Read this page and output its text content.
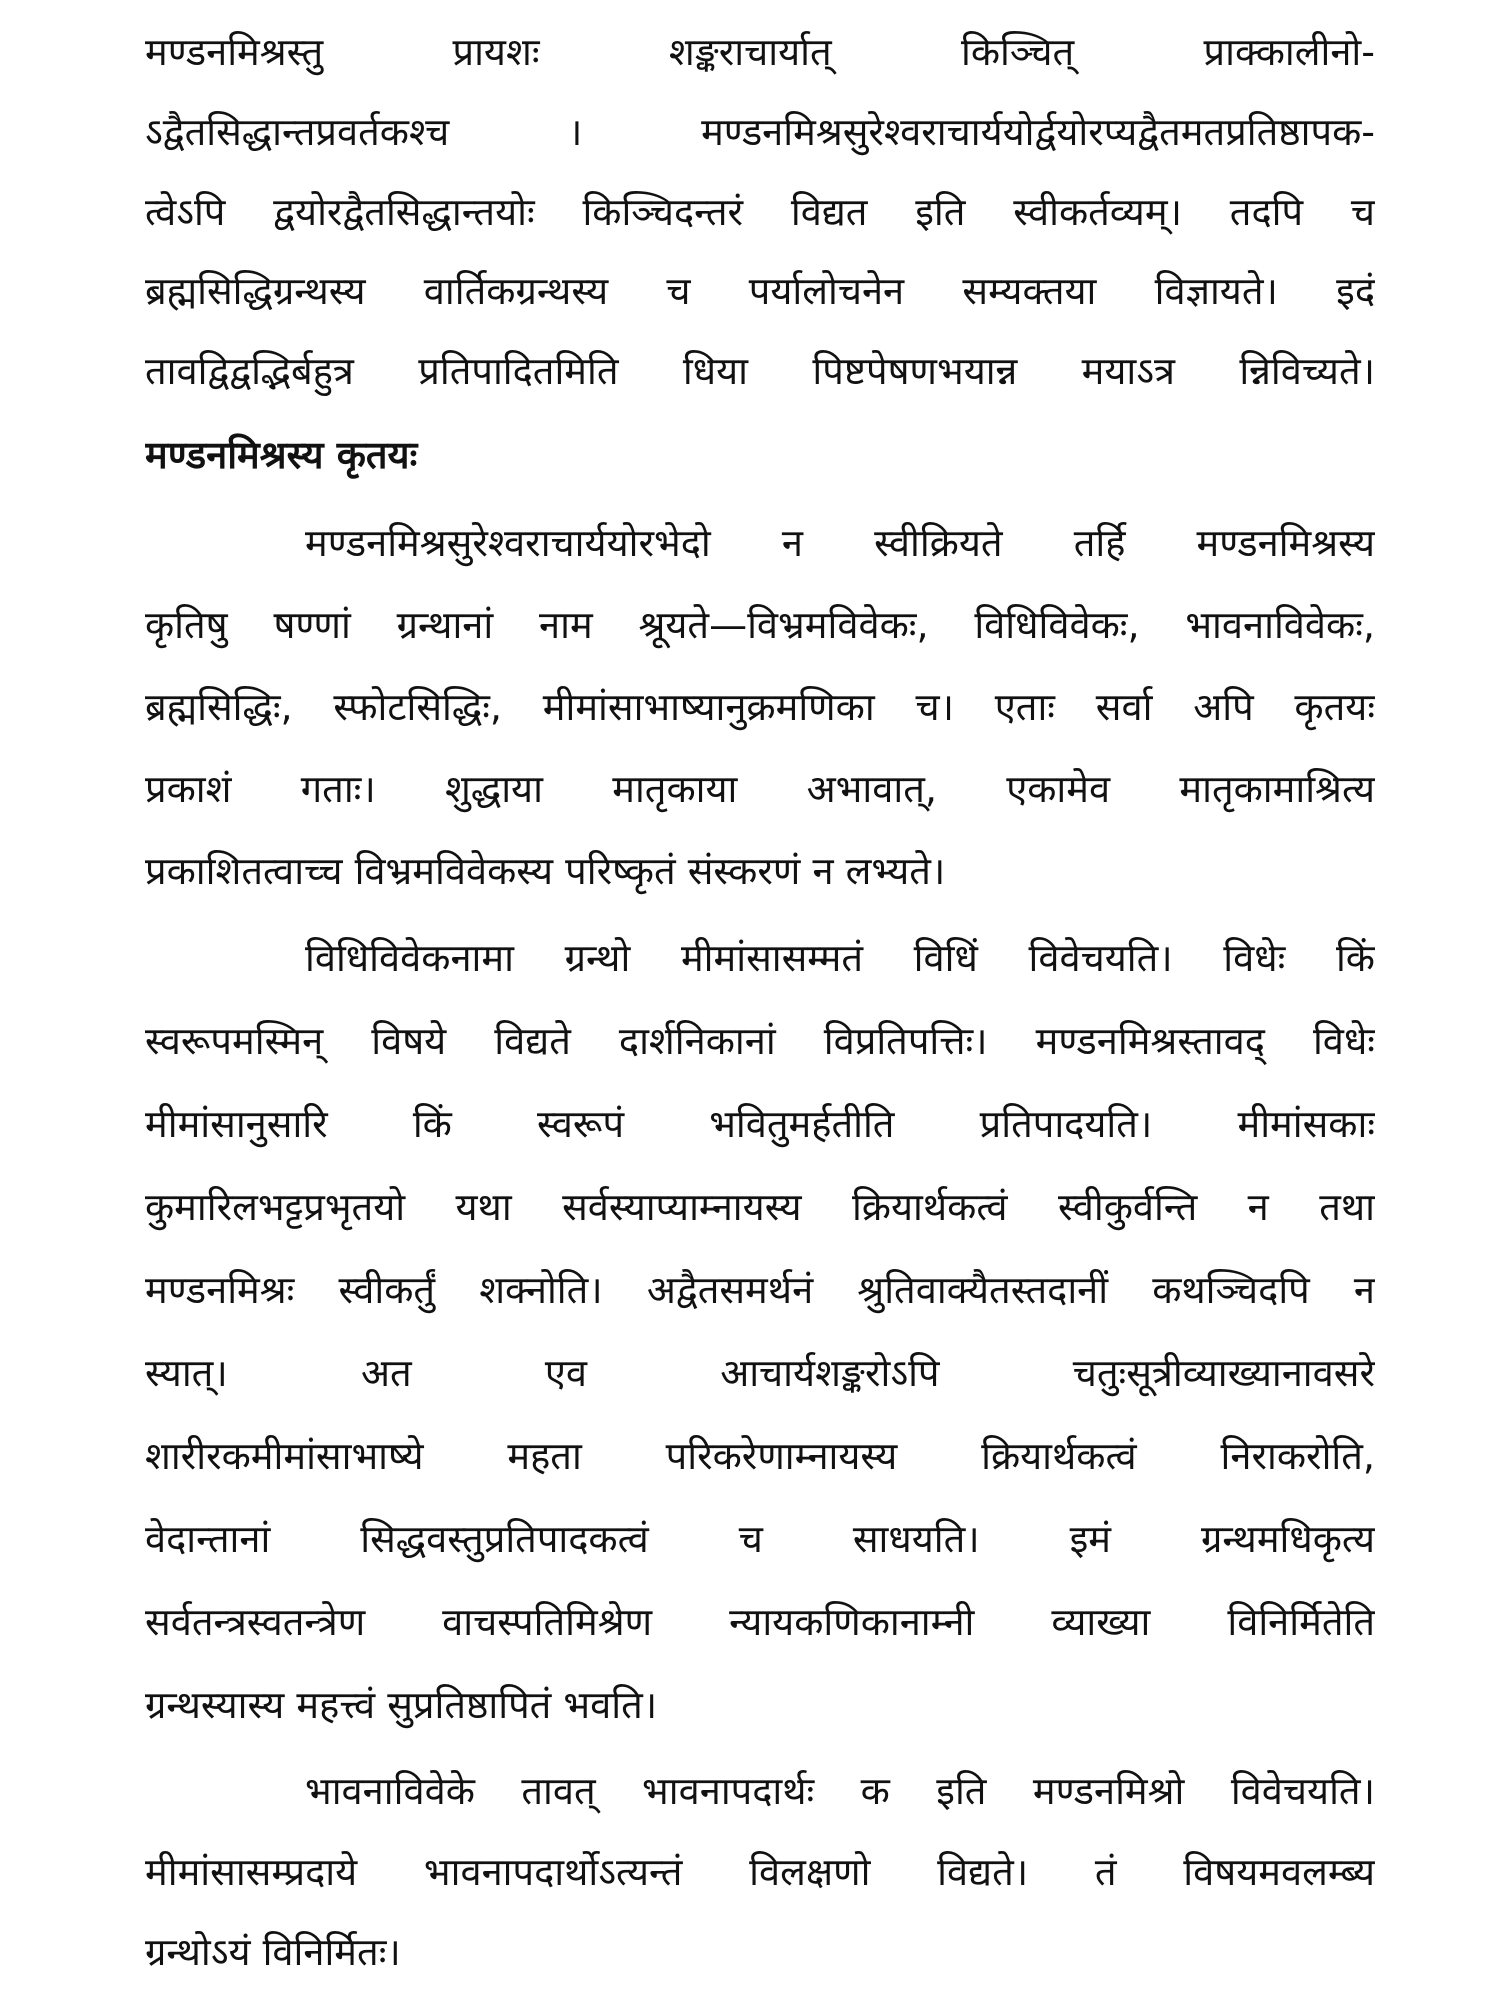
मण्डनमिश्रस्तु प्रायशः शङ्कराचार्यात् किञ्चित् प्राक्कालीनो-
ऽद्वैतसिद्धान्तप्रवर्तकश्च । मण्डनमिश्रसुरेश्वराचार्ययोर्द्वयोरप्यद्वैतमतप्रतिष्ठापक-
त्वेऽपि द्वयोरद्वैतसिद्धान्तयोः किञ्चिदन्तरं विद्यत इति स्वीकर्तव्यम्। तदपि च
ब्रह्मसिद्धिग्रन्थस्य वार्तिकग्रन्थस्य च पर्यालोचनेन सम्यक्तया विज्ञायते। इदं
तावद्विद्वद्भिर्बहुत्र प्रतिपादितमिति धिया पिष्टपेषणभयान्न मयाऽत्र न्निविच्यते।
मण्डनमिश्रस्य कृतयः
मण्डनमिश्रसुरेश्वराचार्ययोरभेदो न स्वीक्रियते तर्हि मण्डनमिश्रस्य
कृतिषु षण्णां ग्रन्थानां नाम श्रूयते—विभ्रमविवेकः, विधिविवेकः, भावनाविवेकः,
ब्रह्मसिद्धिः, स्फोटसिद्धिः, मीमांसाभाष्यानुक्रमणिका च। एताः सर्वा अपि कृतयः
प्रकाशं गताः। शुद्धाया मातृकाया अभावात्, एकामेव मातृकामाश्रित्य
प्रकाशितत्वाच्च विभ्रमविवेकस्य परिष्कृतं संस्करणं न लभ्यते।
विधिविवेकनामा ग्रन्थो मीमांसासम्मतं विधिं विवेचयति। विधेः किं
स्वरूपमस्मिन् विषये विद्यते दार्शनिकानां विप्रतिपत्तिः। मण्डनमिश्रस्तावद् विधेः
मीमांसानुसारि किं स्वरूपं भवितुमर्हतीति प्रतिपादयति। मीमांसकाः
कुमारिलभट्टप्रभृतयो यथा सर्वस्याप्याम्नायस्य क्रियार्थकत्वं स्वीकुर्वन्ति न तथा
मण्डनमिश्रः स्वीकर्तुं शक्नोति। अद्वैतसमर्थनं श्रुतिवाक्यैतस्तदानीं कथञ्चिदपि न
स्यात्। अत एव आचार्यशङ्करोऽपि चतुःसूत्रीव्याख्यानावसरे
शारीरकमीमांसाभाष्ये महता परिकरेणाम्नायस्य क्रियार्थकत्वं निराकरोति,
वेदान्तानां सिद्धवस्तुप्रतिपादकत्वं च साधयति। इमं ग्रन्थमधिकृत्य
सर्वतन्त्रस्वतन्त्रेण वाचस्पतिमिश्रेण न्यायकणिकानाम्नी व्याख्या विनिर्मितेति
ग्रन्थस्यास्य महत्त्वं सुप्रतिष्ठापितं भवति।
भावनाविवेके तावत् भावनापदार्थः क इति मण्डनमिश्रो विवेचयति।
मीमांसासम्प्रदाये भावनापदार्थोऽत्यन्तं विलक्षणो विद्यते। तं विषयमवलम्ब्य
ग्रन्थोऽयं विनिर्मितः।
